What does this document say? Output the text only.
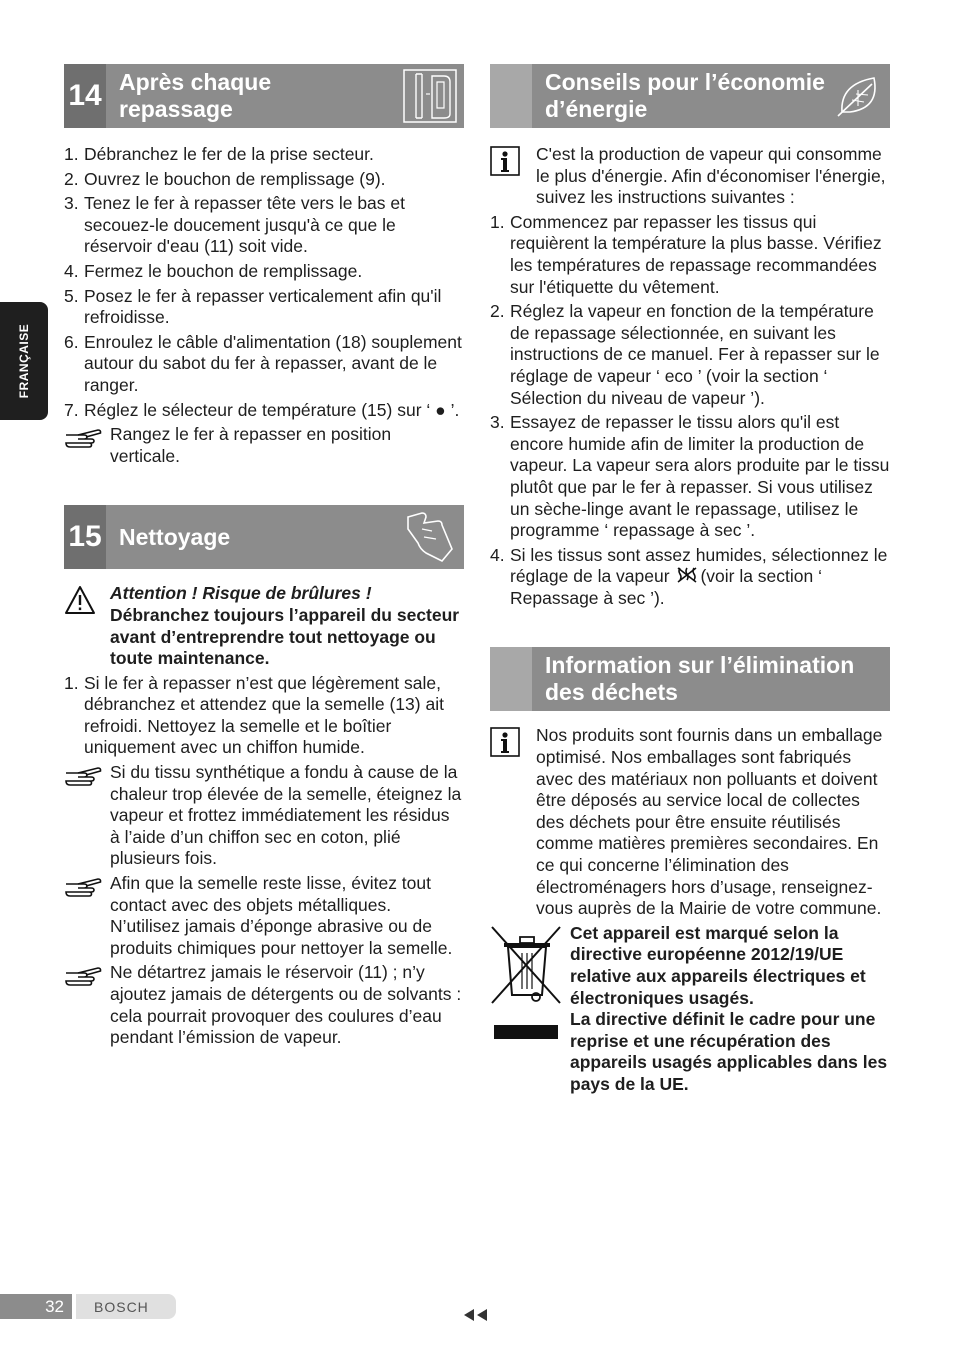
FRANÇAISE
14 Après chaque
repassage
1. Débranchez le fer de la prise secteur.
2. Ouvrez le bouchon de remplissage (9).
3. Tenez le fer à repasser tête vers le bas et secouez-le doucement jusqu'à ce que le réservoir d'eau (11) soit vide.
4. Fermez le bouchon de remplissage.
5. Posez le fer à repasser verticalement afin qu'il refroidisse.
6. Enroulez le câble d'alimentation (18) souplement autour du sabot du fer à repasser, avant de le ranger.
7. Réglez le sélecteur de température (15) sur ‘ ● ’.
Rangez le fer à repasser en position verticale.
15 Nettoyage
Attention ! Risque de brûlures !
Débranchez toujours l’appareil du secteur avant d’entreprendre tout nettoyage ou toute maintenance.
1. Si le fer à repasser n’est que légèrement sale, débranchez et attendez que la semelle (13) ait refroidi. Nettoyez la semelle et le boîtier uniquement avec un chiffon humide.
Si du tissu synthétique a fondu à cause de la chaleur trop élevée de la semelle, éteignez la vapeur et frottez immédiatement les résidus à l’aide d’un chiffon sec en coton, plié plusieurs fois.
Afin que la semelle reste lisse, évitez tout contact avec des objets métalliques. N’utilisez jamais d’éponge abrasive ou de produits chimiques pour nettoyer la semelle.
Ne détartrez jamais le réservoir (11) ; n’y ajoutez jamais de détergents ou de solvants : cela pourrait provoquer des coulures d’eau pendant l’émission de vapeur.
Conseils pour l’économie
d’énergie
C'est la production de vapeur qui consomme le plus d'énergie. Afin d'économiser l'énergie, suivez les instructions suivantes :
1. Commencez par repasser les tissus qui requièrent la température la plus basse. Vérifiez les températures de repassage recommandées sur l'étiquette du vêtement.
2. Réglez la vapeur en fonction de la température de repassage sélectionnée, en suivant les instructions de ce manuel. Fer à repasser sur le réglage de vapeur ‘ eco ’ (voir la section ‘ Sélection du niveau de vapeur ’).
3. Essayez de repasser le tissu alors qu'il est encore humide afin de limiter la production de vapeur. La vapeur sera alors produite par le tissu plutôt que par le fer à repasser. Si vous utilisez un sèche-linge avant le repassage, utilisez le programme ‘ repassage à sec ’.
4. Si les tissus sont assez humides, sélectionnez le réglage de la vapeur (voir la section ‘ Repassage à sec ’).
Information sur l’élimination
des déchets
Nos produits sont fournis dans un emballage optimisé. Nos emballages sont fabriqués avec des matériaux non polluants et doivent être déposés au service local de collectes des déchets pour être ensuite réutilisés comme matières premières secondaires. En ce qui concerne l’élimination des électroménagers hors d’usage, renseignez-vous auprès de la Mairie de votre commune.
Cet appareil est marqué selon la directive européenne 2012/19/UE relative aux appareils électriques et électroniques usagés.
La directive définit le cadre pour une reprise et une récupération des appareils usagés applicables dans les pays de la UE.
32	BOSCH
